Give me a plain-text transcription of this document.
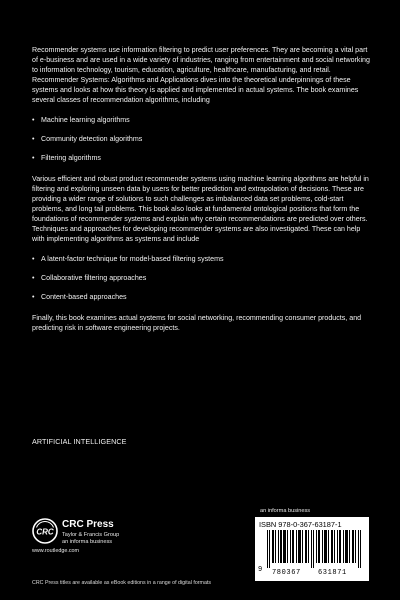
Recommender systems use information filtering to predict user preferences. They are becoming a vital part of e-business and are used in a wide variety of industries, ranging from entertainment and social networking to information technology, tourism, education, agriculture, healthcare, manufacturing, and retail. Recommender Systems: Algorithms and Applications dives into the theoretical underpinnings of these systems and looks at how this theory is applied and implemented in actual systems. The book examines several classes of recommendation algorithms, including

• Machine learning algorithms
• Community detection algorithms
• Filtering algorithms

Various efficient and robust product recommender systems using machine learning algorithms are helpful in filtering and exploring unseen data by users for better prediction and extrapolation of decisions. These are providing a wider range of solutions to such challenges as imbalanced data set problems, cold-start problems, and long tail problems. This book also looks at fundamental ontological positions that form the foundations of recommender systems and explain why certain recommendations are predicted over others. Techniques and approaches for developing recommender systems are also investigated. These can help with implementing algorithms as systems and include

• A latent-factor technique for model-based filtering systems
• Collaborative filtering approaches
• Content-based approaches

Finally, this book examines actual systems for social networking, recommending consumer products, and predicting risk in software engineering projects.

ARTIFICIAL INTELLIGENCE
CRC
CRC Press
Taylor & Francis Group
an informa business
www.routledge.com
an informa business
ISBN 978-0-367-63187-1
9 780367 631871
CRC Press titles are available as eBook editions in a range of digital formats
